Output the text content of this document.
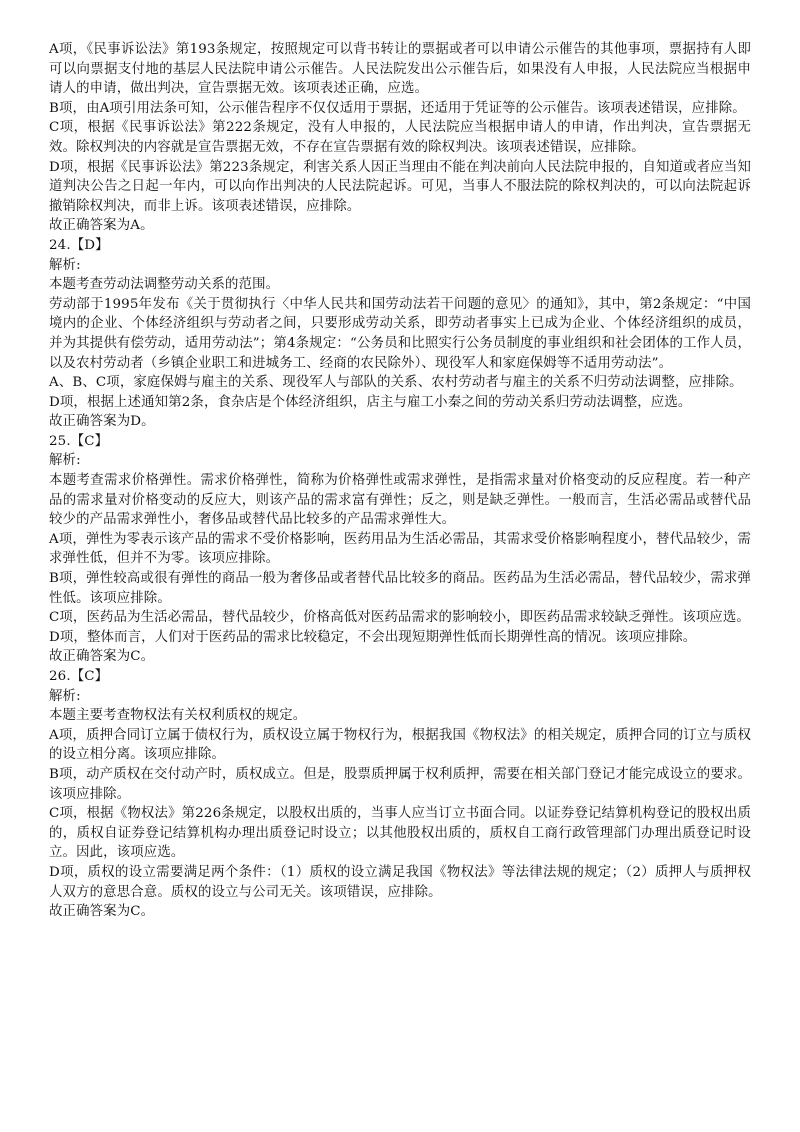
A项，《民事诉讼法》第193条规定，按照规定可以背书转让的票据或者可以申请公示催告的其他事项，票据持有人即可以向票据支付地的基层人民法院申请公示催告。人民法院发出公示催告后，如果没有人申报，人民法院应当根据申请人的申请，做出判决，宣告票据无效。该项表述正确，应选。

B项，由A项引用法条可知，公示催告程序不仅仅适用于票据，还适用于凭证等的公示催告。该项表述错误，应排除。

C项，根据《民事诉讼法》第222条规定，没有人申报的，人民法院应当根据申请人的申请，作出判决，宣告票据无效。除权判决的内容就是宣告票据无效，不存在宣告票据有效的除权判决。该项表述错误，应排除。

D项，根据《民事诉讼法》第223条规定，利害关系人因正当理由不能在判决前向人民法院申报的，自知道或者应当知道判决公告之日起一年内，可以向作出判决的人民法院起诉。可见，当事人不服法院的除权判决的，可以向法院起诉撤销除权判决，而非上诉。该项表述错误，应排除。

故正确答案为A。

24.【D】

解析:

本题考查劳动法调整劳动关系的范围。

劳动部于1995年发布《关于贯彻执行〈中华人民共和国劳动法若干问题的意见〉的通知》，其中，第2条规定：“中国境内的企业、个体经济组织与劳动者之间，只要形成劳动关系，即劳动者事实上已成为企业、个体经济组织的成员，并为其提供有偿劳动，适用劳动法”；第4条规定：“公务员和比照实行公务员制度的事业组织和社会团体的工作人员，以及农村劳动者（乡镇企业职工和进城务工、经商的农民除外）、现役军人和家庭保姆等不适用劳动法”。

A、B、C项，家庭保姆与雇主的关系、现役军人与部队的关系、农村劳动者与雇主的关系不归劳动法调整，应排除。

D项，根据上述通知第2条，食杂店是个体经济组织，店主与雇工小秦之间的劳动关系归劳动法调整，应选。

故正确答案为D。

25.【C】

解析:

本题考查需求价格弹性。需求价格弹性，简称为价格弹性或需求弹性，是指需求量对价格变动的反应程度。若一种产品的需求量对价格变动的反应大，则该产品的需求富有弹性；反之，则是缺乏弹性。一般而言，生活必需品或替代品较少的产品需求弹性小，奢侈品或替代品比较多的产品需求弹性大。

A项，弹性为零表示该产品的需求不受价格影响，医药用品为生活必需品，其需求受价格影响程度小，替代品较少，需求弹性低，但并不为零。该项应排除。

B项，弹性较高或很有弹性的商品一般为奢侈品或者替代品比较多的商品。医药品为生活必需品，替代品较少，需求弹性低。该项应排除。

C项，医药品为生活必需品，替代品较少，价格高低对医药品需求的影响较小，即医药品需求较缺乏弹性。该项应选。

D项，整体而言，人们对于医药品的需求比较稳定，不会出现短期弹性低而长期弹性高的情况。该项应排除。

故正确答案为C。

26.【C】

解析:

本题主要考查物权法有关权利质权的规定。

A项，质押合同订立属于债权行为，质权设立属于物权行为，根据我国《物权法》的相关规定，质押合同的订立与质权的设立相分离。该项应排除。

B项，动产质权在交付动产时，质权成立。但是，股票质押属于权利质押，需要在相关部门登记才能完成设立的要求。该项应排除。

C项，根据《物权法》第226条规定，以股权出质的，当事人应当订立书面合同。以证券登记结算机构登记的股权出质的，质权自证券登记结算机构办理出质登记时设立；以其他股权出质的，质权自工商行政管理部门办理出质登记时设立。因此，该项应选。

D项，质权的设立需要满足两个条件：（1）质权的设立满足我国《物权法》等法律法规的规定；（2）质押人与质押权人双方的意思合意。质权的设立与公司无关。该项错误，应排除。

故正确答案为C。
